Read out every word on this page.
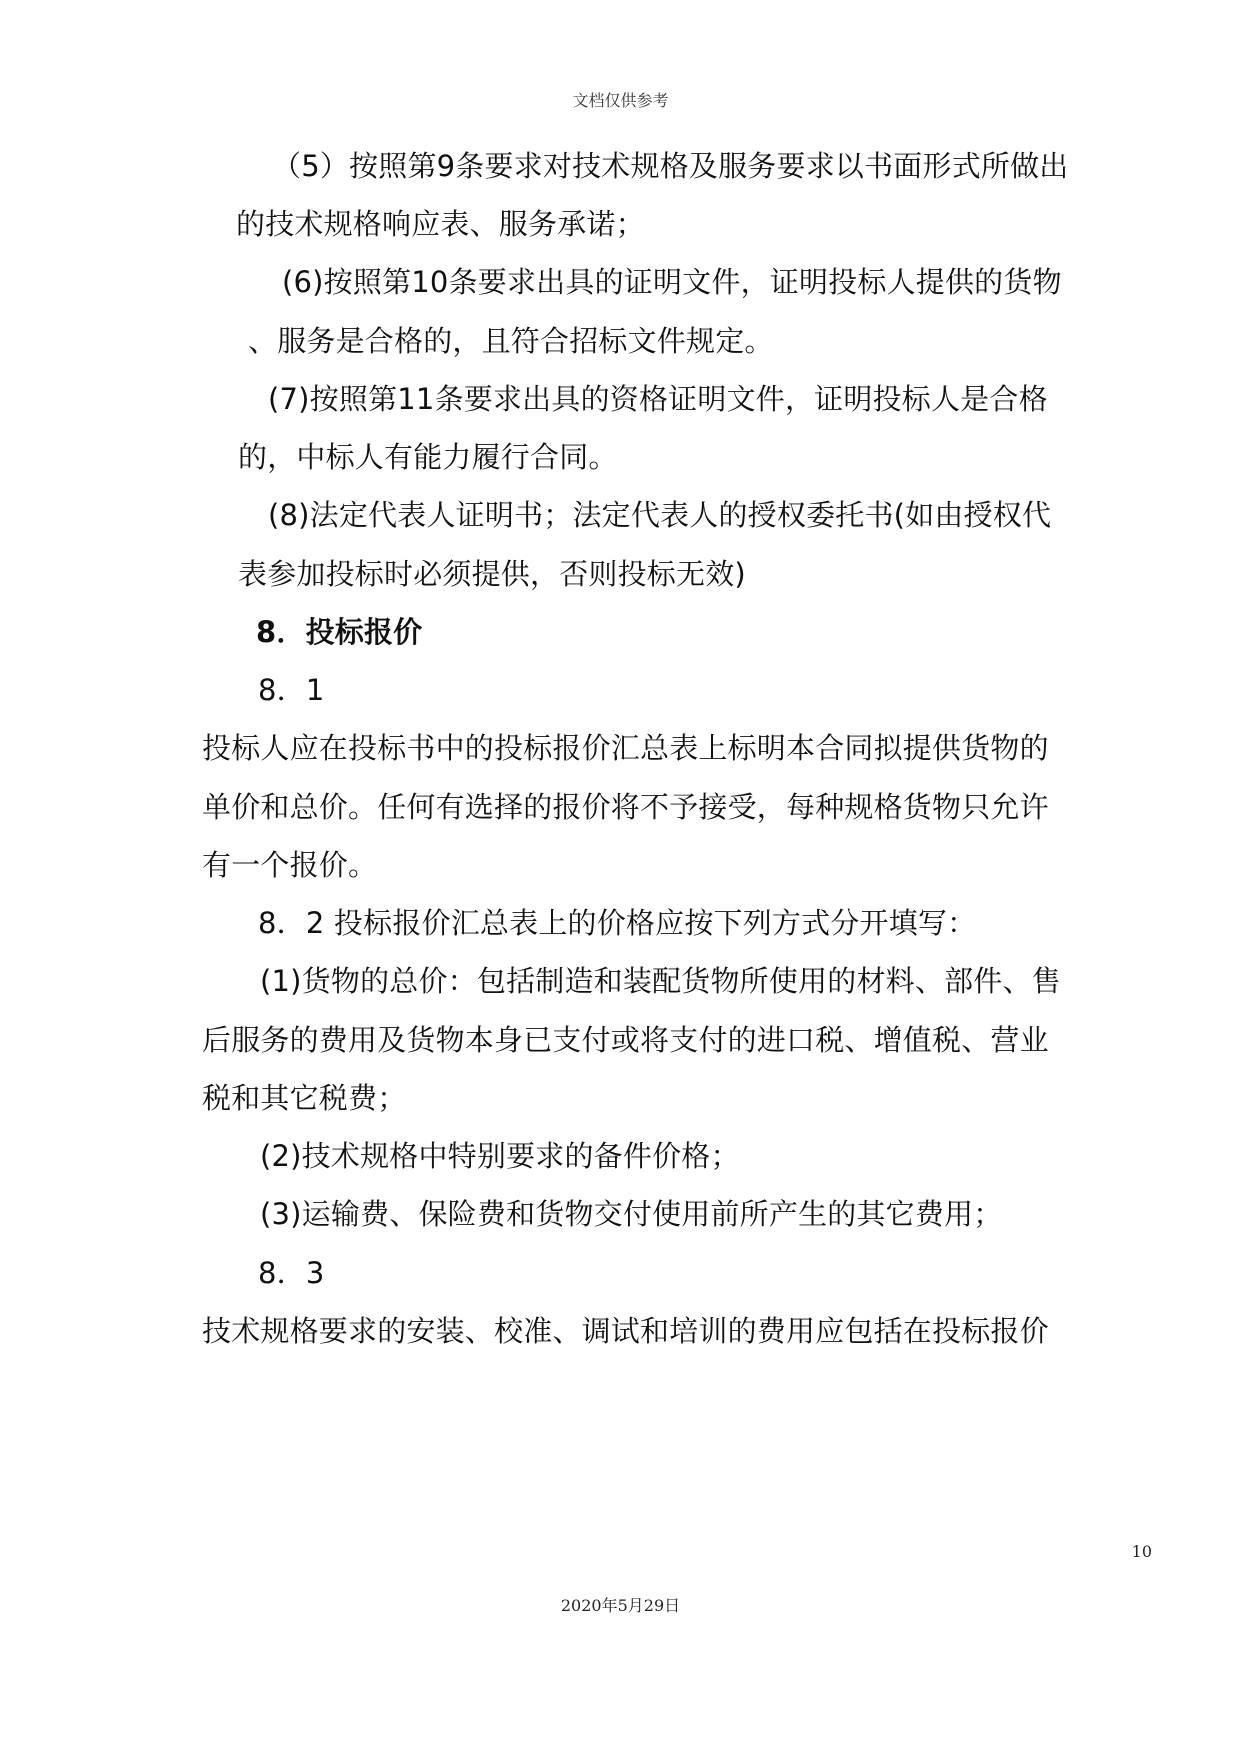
文档仅供参考
（5）按照第9条要求对技术规格及服务要求以书面形式所做出
的技术规格响应表、服务承诺；
(6)按照第10条要求出具的证明文件，证明投标人提供的货物
、服务是合格的，且符合招标文件规定。
(7)按照第11条要求出具的资格证明文件，证明投标人是合格
的，中标人有能力履行合同。
(8)法定代表人证明书；法定代表人的授权委托书(如由授权代
表参加投标时必须提供，否则投标无效)
8．投标报价
8．1
投标人应在投标书中的投标报价汇总表上标明本合同拟提供货物的
单价和总价。任何有选择的报价将不予接受，每种规格货物只允许
有一个报价。
8．2 投标报价汇总表上的价格应按下列方式分开填写：
(1)货物的总价：包括制造和装配货物所使用的材料、部件、售
后服务的费用及货物本身已支付或将支付的进口税、增值税、营业
税和其它税费；
(2)技术规格中特别要求的备件价格；
(3)运输费、保险费和货物交付使用前所产生的其它费用；
8．3
技术规格要求的安装、校准、调试和培训的费用应包括在投标报价
10
2020年5月29日
